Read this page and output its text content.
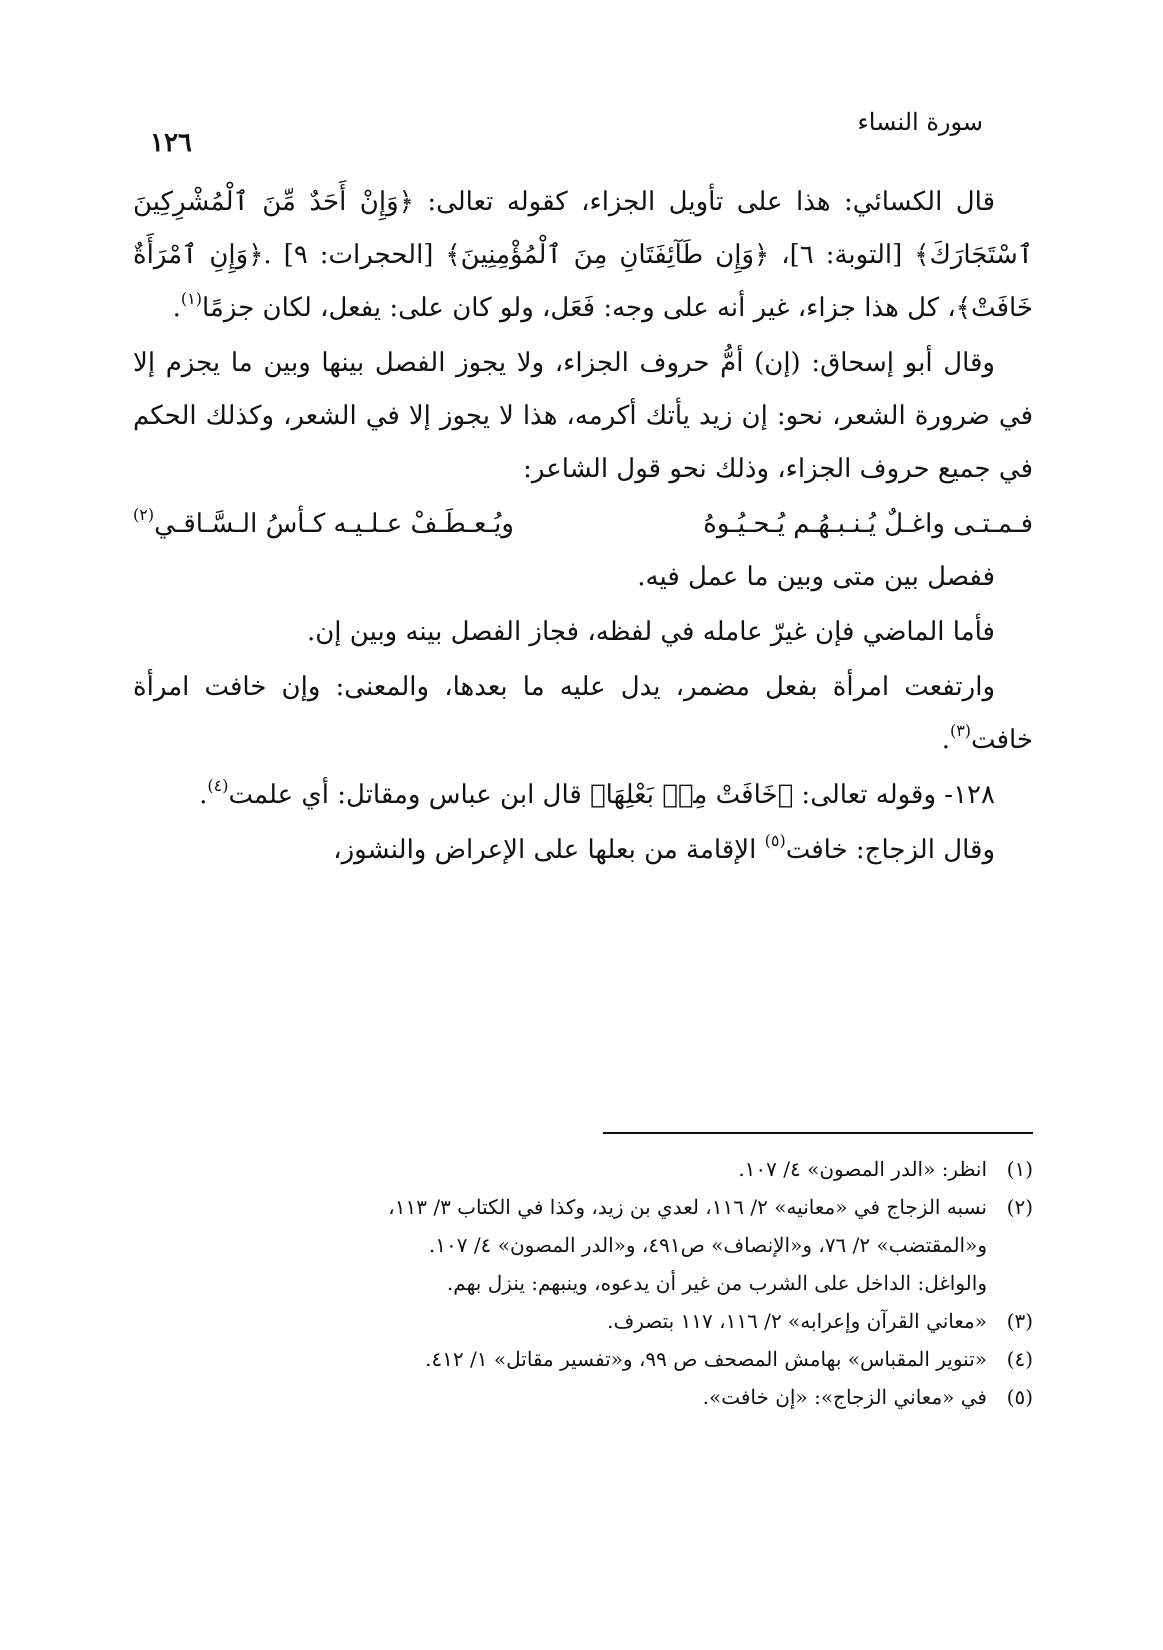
سورة النساء
١٢٦

قال الكسائي: هذا على تأويل الجزاء، كقوله تعالى: ﴿وَإِنْ أَحَدٌ مِّنَ ٱلْمُشْرِكِينَ ٱسْتَجَارَكَ﴾ [التوبة: ٦]، ﴿وَإِن طَآئِفَتَانِ مِنَ ٱلْمُؤْمِنِينَ﴾ [الحجرات: ٩] .﴿وَإِنِ ٱمْرَأَةٌ خَافَتْ﴾، كل هذا جزاء، غير أنه على وجه: فَعَل، ولو كان على: يفعل، لكان جزمًا$^{(١)}$.

وقال أبو إسحاق: (إن) أمُّ حروف الجزاء، ولا يجوز الفصل بينها وبين ما يجزم إلا في ضرورة الشعر، نحو: إن زيد يأتك أكرمه، هذا لا يجوز إلا في الشعر، وكذلك الحكم في جميع حروف الجزاء، وذلك نحو قول الشاعر:

فـمـتـى واغـلٌ يُـنـبـهُـم يُـحـيُـوهُ
ويُـعـطَـفْ عـلـيـه كـأسُ الـسَّـاقـي$^{(٢)}$

ففصل بين متى وبين ما عمل فيه.

فأما الماضي فإن غيرّ عامله في لفظه، فجاز الفصل بينه وبين إن.

وارتفعت امرأة بفعل مضمر، يدل عليه ما بعدها، والمعنى: وإن خافت امرأة خافت$^{(٣)}$.

١٢٨- وقوله تعالى: ﴿خَافَتْ مِنۢ بَعْلِهَا﴾ قال ابن عباس ومقاتل: أي علمت$^{(٤)}$.

وقال الزجاج: خافت$^{(٥)}$ الإقامة من بعلها على الإعراض والنشوز،

(١)
انظر: «الدر المصون» ٤/ ١٠٧.
(٢)
نسبه الزجاج في «معانيه» ٢/ ١١٦، لعدي بن زيد، وكذا في الكتاب ٣/ ١١٣،

و«المقتضب» ٢/ ٧٦، و«الإنصاف» ص٤٩١، و«الدر المصون» ٤/ ١٠٧.

والواغل: الداخل على الشرب من غير أن يدعوه، وينبهم: ينزل بهم.

(٣)
«معاني القرآن وإعرابه» ٢/ ١١٦، ١١٧ بتصرف.
(٤)
«تنوير المقباس» بهامش المصحف ص ٩٩، و«تفسير مقاتل» ١/ ٤١٢.
(٥)
في «معاني الزجاج»: «إن خافت».
